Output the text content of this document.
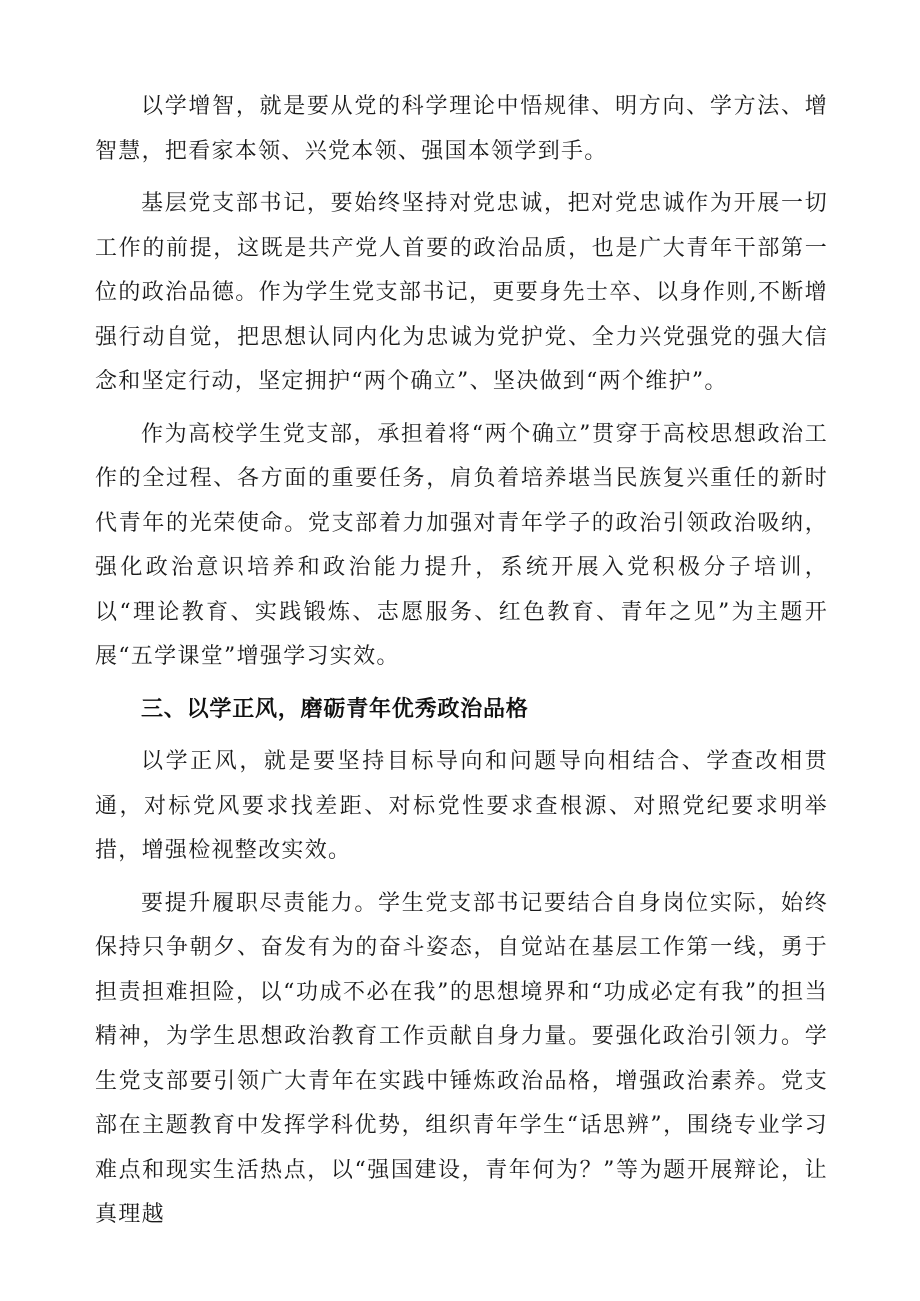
以学增智，就是要从党的科学理论中悟规律、明方向、学方法、增智慧，把看家本领、兴党本领、强国本领学到手。

基层党支部书记，要始终坚持对党忠诚，把对党忠诚作为开展一切工作的前提，这既是共产党人首要的政治品质，也是广大青年干部第一位的政治品德。作为学生党支部书记，更要身先士卒、以身作则,不断增强行动自觉，把思想认同内化为忠诚为党护党、全力兴党强党的强大信念和坚定行动，坚定拥护“两个确立”、坚决做到“两个维护”。

作为高校学生党支部，承担着将“两个确立”贯穿于高校思想政治工作的全过程、各方面的重要任务，肩负着培养堪当民族复兴重任的新时代青年的光荣使命。党支部着力加强对青年学子的政治引领政治吸纳，强化政治意识培养和政治能力提升，系统开展入党积极分子培训，以“理论教育、实践锻炼、志愿服务、红色教育、青年之见”为主题开展“五学课堂”增强学习实效。

三、以学正风，磨砺青年优秀政治品格

以学正风，就是要坚持目标导向和问题导向相结合、学查改相贯通，对标党风要求找差距、对标党性要求查根源、对照党纪要求明举措，增强检视整改实效。

要提升履职尽责能力。学生党支部书记要结合自身岗位实际，始终保持只争朝夕、奋发有为的奋斗姿态，自觉站在基层工作第一线，勇于担责担难担险，以“功成不必在我”的思想境界和“功成必定有我”的担当精神，为学生思想政治教育工作贡献自身力量。要强化政治引领力。学生党支部要引领广大青年在实践中锤炼政治品格，增强政治素养。党支部在主题教育中发挥学科优势，组织青年学生“话思辨”，围绕专业学习难点和现实生活热点，以“强国建设，青年何为？”等为题开展辩论，让真理越
